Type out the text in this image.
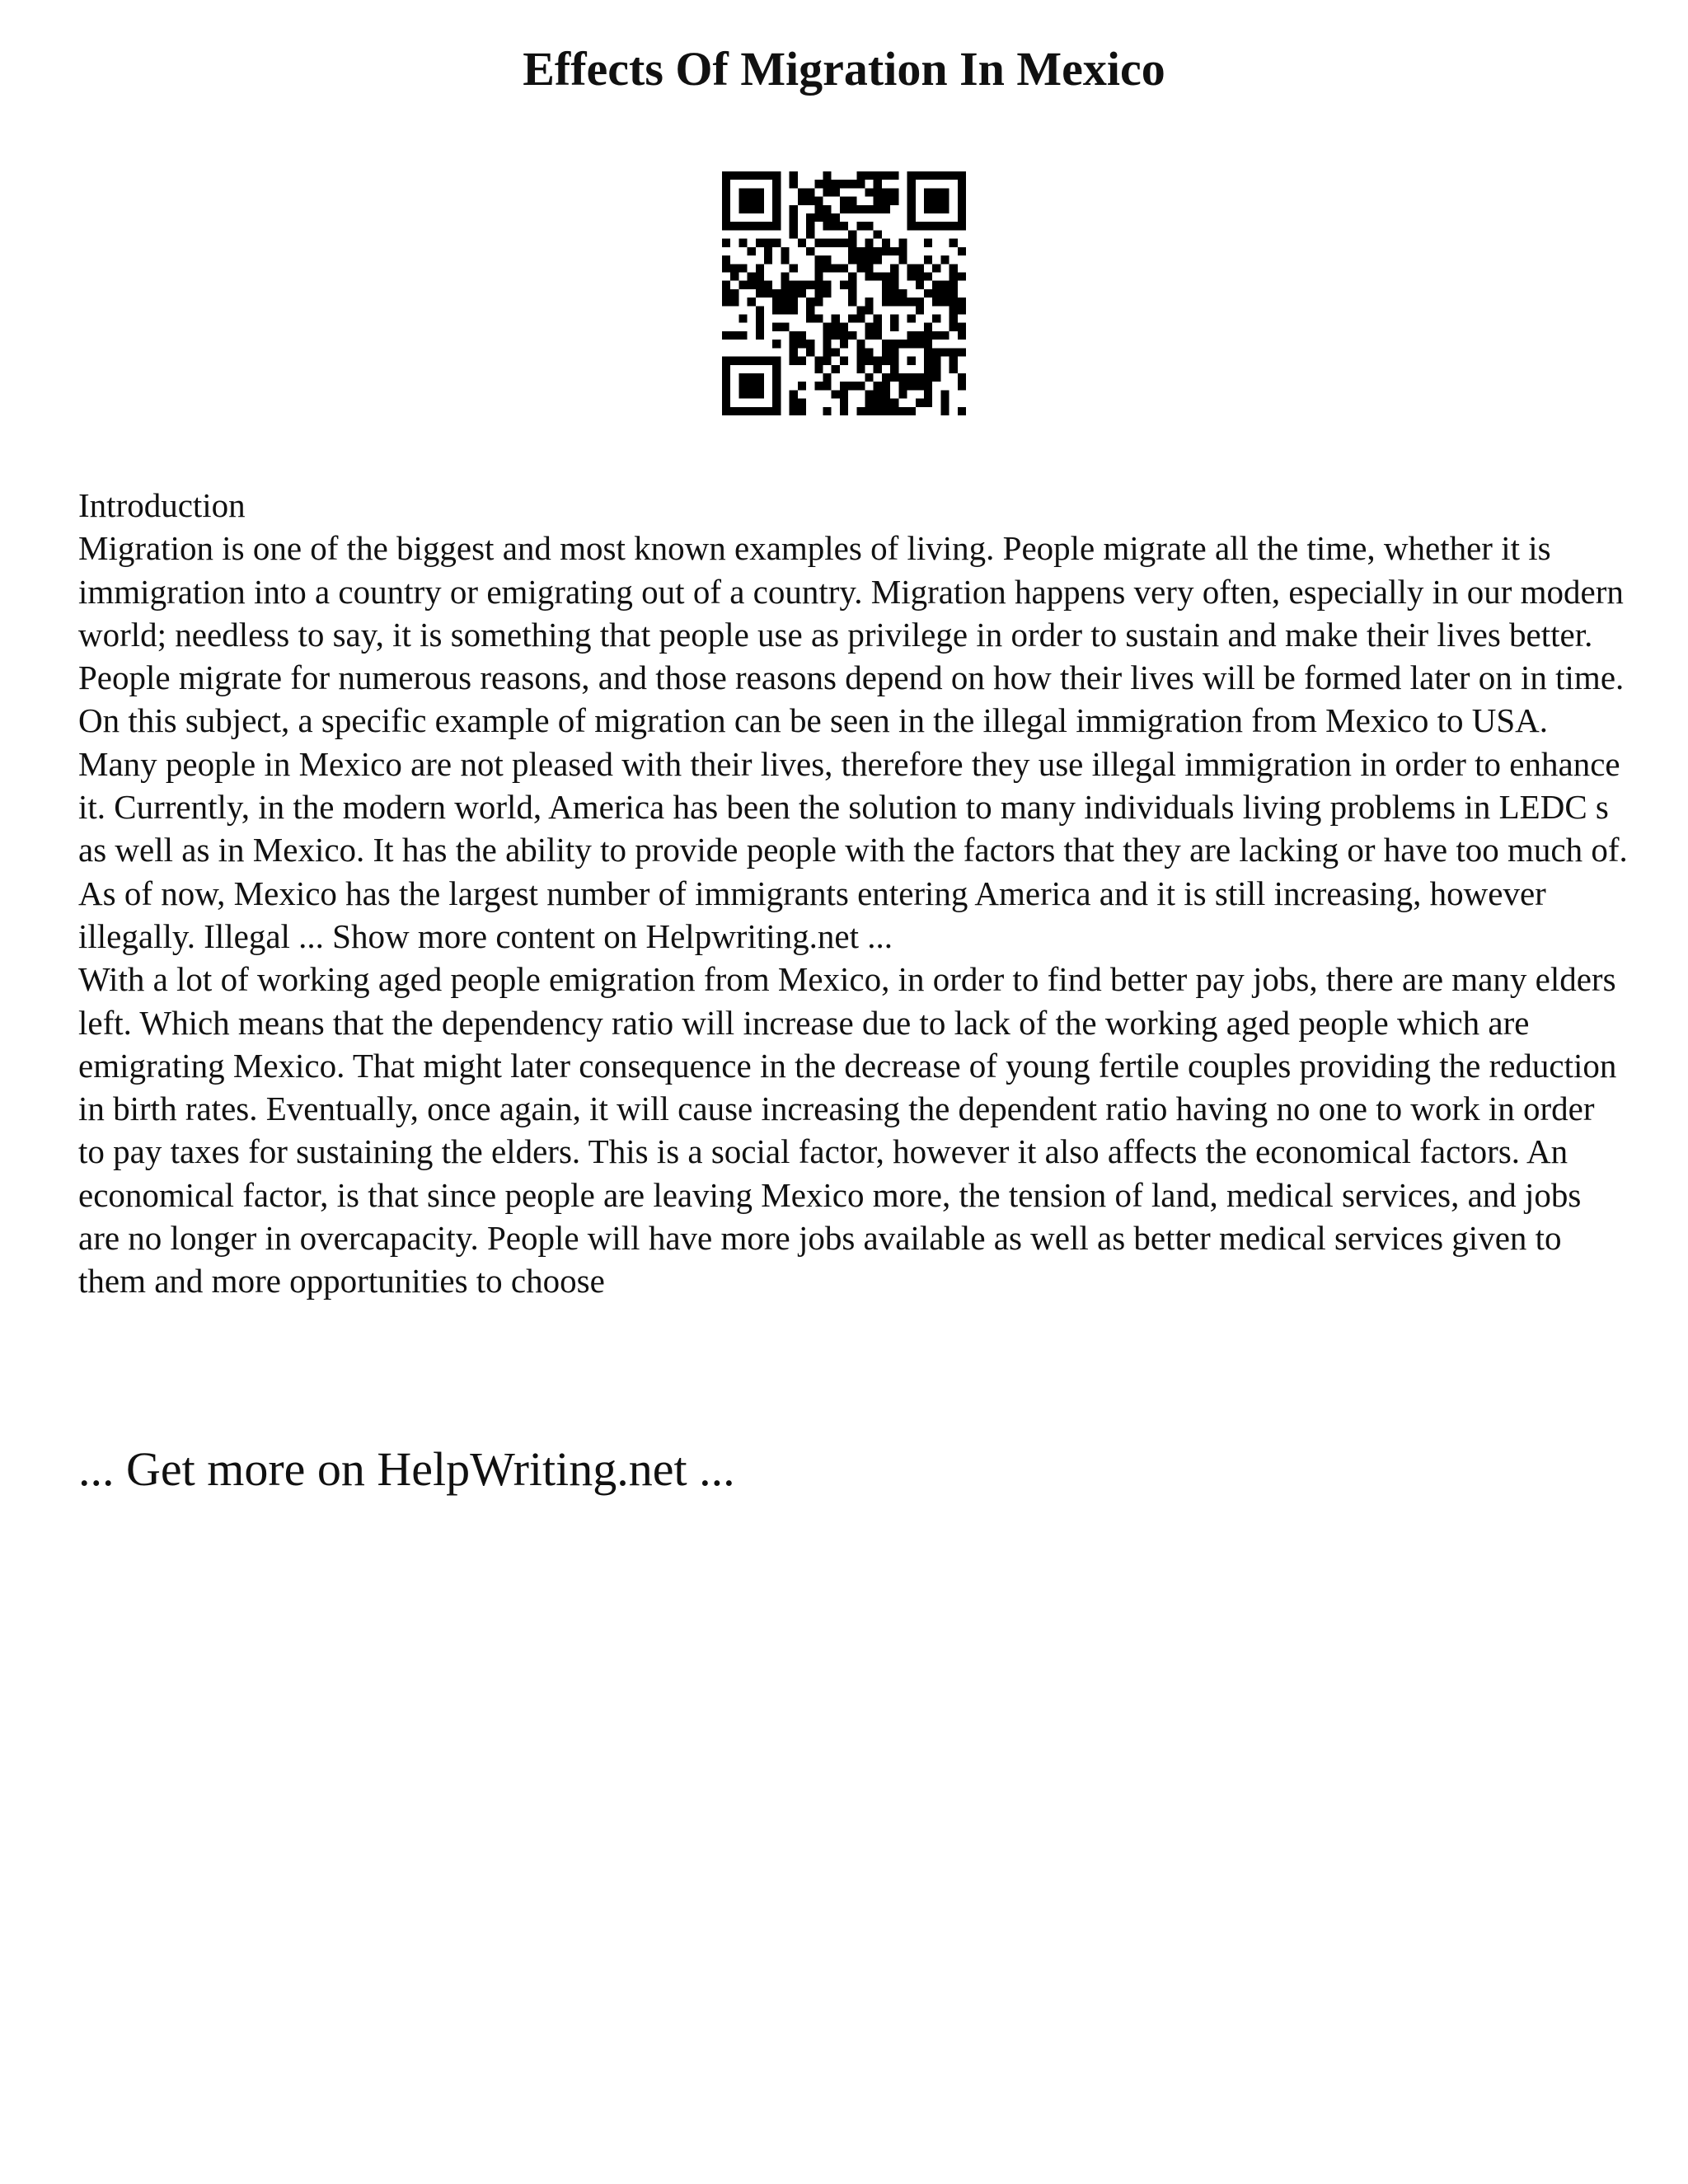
Effects Of Migration In Mexico

Introduction

Migration is one of the biggest and most known examples of living. People migrate all the time, whether it is immigration into a country or emigrating out of a country. Migration happens very often, especially in our modern world; needless to say, it is something that people use as privilege in order to sustain and make their lives better. People migrate for numerous reasons, and those reasons depend on how their lives will be formed later on in time. On this subject, a specific example of migration can be seen in the illegal immigration from Mexico to USA. Many people in Mexico are not pleased with their lives, therefore they use illegal immigration in order to enhance it. Currently, in the modern world, America has been the solution to many individuals living problems in LEDC s as well as in Mexico. It has the ability to provide people with the factors that they are lacking or have too much of. As of now, Mexico has the largest number of immigrants entering America and it is still increasing, however illegally. Illegal ... Show more content on Helpwriting.net ...

With a lot of working aged people emigration from Mexico, in order to find better pay jobs, there are many elders left. Which means that the dependency ratio will increase due to lack of the working aged people which are emigrating Mexico. That might later consequence in the decrease of young fertile couples providing the reduction in birth rates. Eventually, once again, it will cause increasing the dependent ratio having no one to work in order to pay taxes for sustaining the elders. This is a social factor, however it also affects the economical factors. An economical factor, is that since people are leaving Mexico more, the tension of land, medical services, and jobs are no longer in overcapacity. People will have more jobs available as well as better medical services given to them and more opportunities to choose

... Get more on HelpWriting.net ...
